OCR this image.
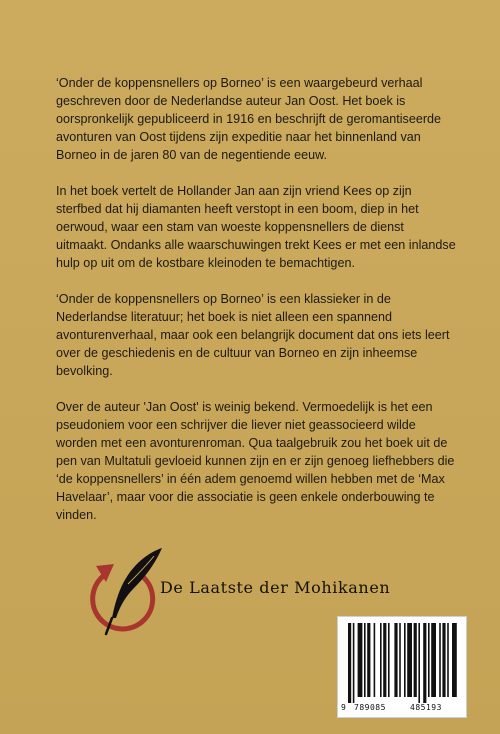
‘Onder de koppensnellers op Borneo’ is een waargebeurd verhaal geschreven door de Nederlandse auteur Jan Oost. Het boek is oorspronkelijk gepubliceerd in 1916 en beschrijft de geromantiseerde avonturen van Oost tijdens zijn expeditie naar het binnenland van Borneo in de jaren 80 van de negentiende eeuw.

In het boek vertelt de Hollander Jan aan zijn vriend Kees op zijn sterfbed dat hij diamanten heeft verstopt in een boom, diep in het oerwoud, waar een stam van woeste koppensnellers de dienst uitmaakt. Ondanks alle waarschuwingen trekt Kees er met een inlandse hulp op uit om de kostbare kleinoden te bemachtigen.

‘Onder de koppensnellers op Borneo’ is een klassieker in de Nederlandse literatuur; het boek is niet alleen een spannend avonturenverhaal, maar ook een belangrijk document dat ons iets leert over de geschiedenis en de cultuur van Borneo en zijn inheemse bevolking.

Over de auteur 'Jan Oost' is weinig bekend. Vermoedelijk is het een pseudoniem voor een schrijver die liever niet geassocieerd wilde worden met een avonturenroman. Qua taalgebruik zou het boek uit de pen van Multatuli gevloeid kunnen zijn en er zijn genoeg liefhebbers die ‘de koppensnellers’ in één adem genoemd willen hebben met de ‘Max Havelaar’, maar voor die associatie is geen enkele onderbouwing te vinden.

De Laatste der Mohikanen
9 789085	485193
